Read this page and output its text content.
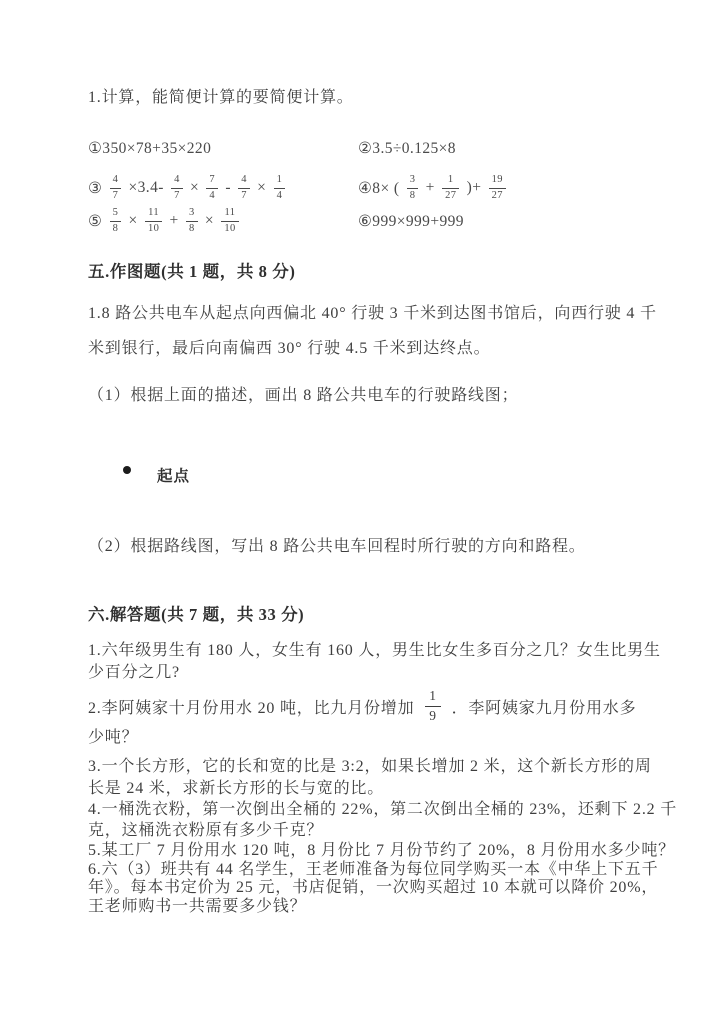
1.计算，能简便计算的要简便计算。
①350×78+35×220	②3.5÷0.125×8
③ $\frac{4}{7} \times 3.4- \frac{4}{7} \times \frac{7}{4} - \frac{4}{7} \times \frac{1}{4}$	④8× ( $\frac{3}{8} + \frac{1}{27}$ )+ $\frac{19}{27}$
⑤ $\frac{5}{8} \times \frac{11}{10} + \frac{3}{8} \times \frac{11}{10}$	⑥999×999+999
五.作图题(共 1 题，共 8 分)
1.8 路公共电车从起点向西偏北 40° 行驶 3 千米到达图书馆后，向西行驶 4 千
米到银行，最后向南偏西 30° 行驶 4.5 千米到达终点。
（1）根据上面的描述，画出 8 路公共电车的行驶路线图；
起点
（2）根据路线图，写出 8 路公共电车回程时所行驶的方向和路程。
六.解答题(共 7 题，共 33 分)
1.六年级男生有 180 人，女生有 160 人，男生比女生多百分之几？女生比男生
少百分之几?
2.李阿姨家十月份用水 20 吨，比九月份增加 $\frac{1}{9}$ ．李阿姨家九月份用水多
少吨？
3.一个长方形，它的长和宽的比是 3:2，如果长增加 2 米，这个新长方形的周
长是 24 米，求新长方形的长与宽的比。
4.一桶洗衣粉，第一次倒出全桶的 22%，第二次倒出全桶的 23%，还剩下 2.2 千
克，这桶洗衣粉原有多少千克？
5.某工厂 7 月份用水 120 吨，8 月份比 7 月份节约了 20%，8 月份用水多少吨？
6.六（3）班共有 44 名学生，王老师准备为每位同学购买一本《中华上下五千
年》。每本书定价为 25 元，书店促销，一次购买超过 10 本就可以降价 20%，
王老师购书一共需要多少钱？
